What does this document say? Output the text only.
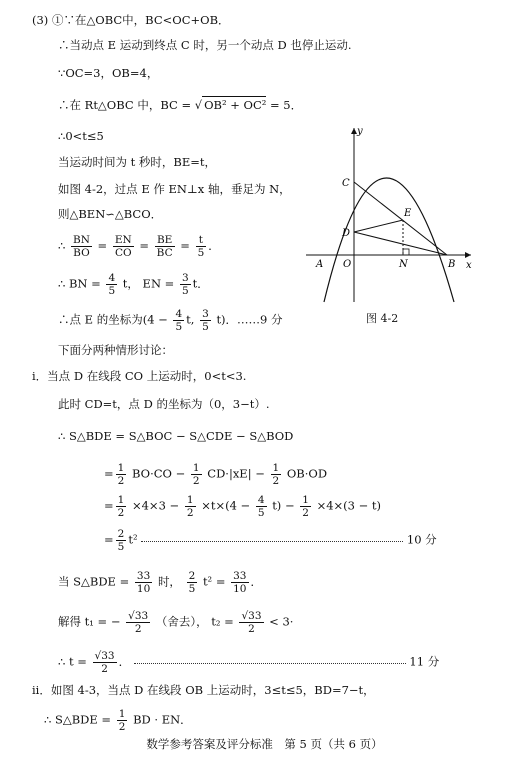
(3) ①∵在△OBC中，BC<OC+OB．
∴当动点 E 运动到终点 C 时，另一个动点 D 也停止运动.
∵OC=3，OB=4，
∴在 Rt△OBC 中，BC = √ OB² + OC² = 5．
∴0<t≤5
当运动时间为 t 秒时，BE=t，
如图 4-2，过点 E 作 EN⊥x 轴，垂足为 N，
则△BEN∽△BCO．
∴ $\frac{BN}{BO} = \frac{EN}{CO} = \frac{BE}{BC} = \frac{t}{5}$ ．
∴ BN = $\frac{4}{5}$ t， EN = $\frac{3}{5}$ t．
∴点 E 的坐标为($4 - \frac{4}{5} t$, $\frac{3}{5} t$)．……9 分
下面分两种情形讨论：
i．当点 D 在线段 CO 上运动时，0<t<3.
此时 CD=t，点 D 的坐标为（0，3−t）.
∴ S△BDE = S△BOC − S△CDE − S△BOD
= $\frac{1}{2} BO\cdot CO - \frac{1}{2} CD\cdot|xE| - \frac{1}{2} OB\cdot OD$
= $\frac{1}{2} \times 4\times 3 - \frac{1}{2} \times t\times(4 - \frac{4}{5} t) - \frac{1}{2} \times 4\times(3 - t)$
= $\frac{2}{5} t^2$	10 分
当 S△BDE = $\frac{33}{10}$ 时， $\frac{2}{5} t^2 = \frac{33}{10}$ ．
解得 t₁ = − $\frac{√33}{2}$ （舍去）， $t_2 = \frac{√33}{2} < 3\cdot$
∴ $t = \frac{√33}{2}$ ．	11 分
ii．如图 4-3，当点 D 在线段 OB 上运动时，3≤t≤5，BD=7−t，
∴ S△BDE = $\frac{1}{2}$ BD · EN．
y
x
C
E
D
A O	N	B
图 4-2
数学参考答案及评分标准　第 5 页（共 6 页）
